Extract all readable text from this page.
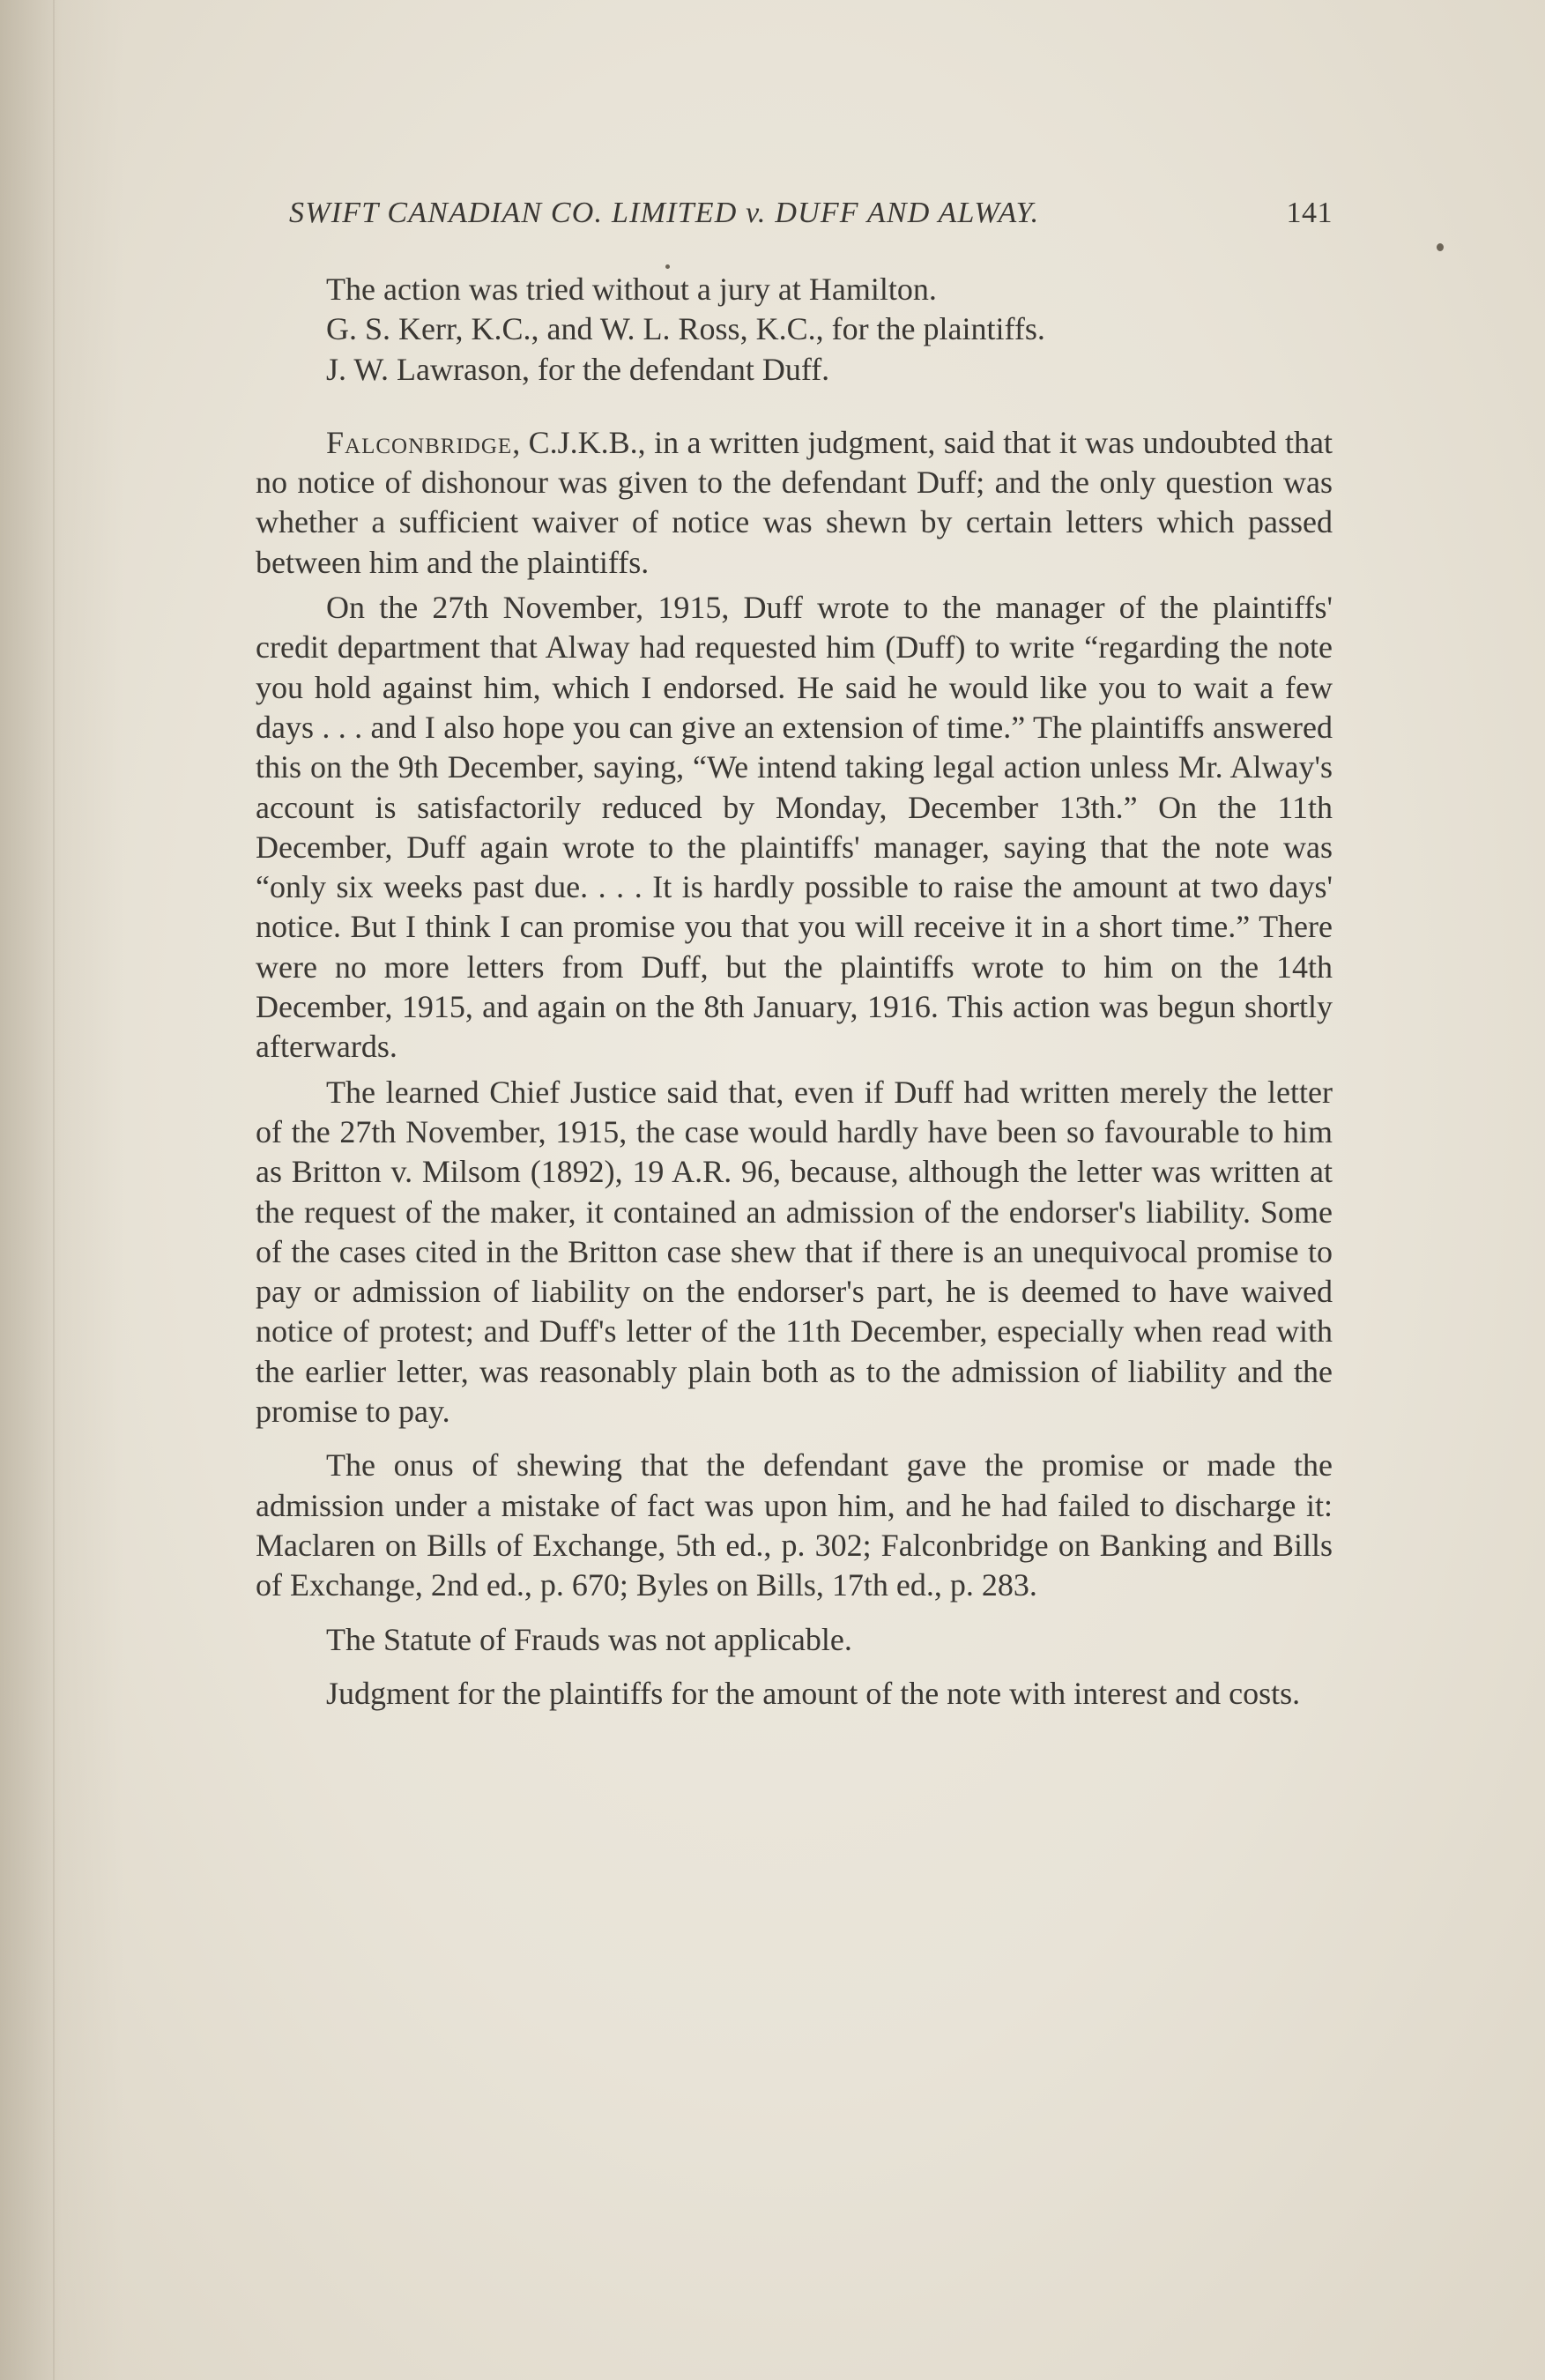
SWIFT CANADIAN CO. LIMITED v. DUFF AND ALWAY.	141

The action was tried without a jury at Hamilton.

G. S. Kerr, K.C., and W. L. Ross, K.C., for the plaintiffs.

J. W. Lawrason, for the defendant Duff.

Falconbridge, C.J.K.B., in a written judgment, said that it was undoubted that no notice of dishonour was given to the defendant Duff; and the only question was whether a sufficient waiver of notice was shewn by certain letters which passed between him and the plaintiffs.

On the 27th November, 1915, Duff wrote to the manager of the plaintiffs' credit department that Alway had requested him (Duff) to write “regarding the note you hold against him, which I endorsed. He said he would like you to wait a few days . . . and I also hope you can give an extension of time.” The plaintiffs answered this on the 9th December, saying, “We intend taking legal action unless Mr. Alway's account is satisfactorily reduced by Monday, December 13th.” On the 11th December, Duff again wrote to the plaintiffs' manager, saying that the note was “only six weeks past due. . . . It is hardly possible to raise the amount at two days' notice. But I think I can promise you that you will receive it in a short time.” There were no more letters from Duff, but the plaintiffs wrote to him on the 14th December, 1915, and again on the 8th January, 1916. This action was begun shortly afterwards.

The learned Chief Justice said that, even if Duff had written merely the letter of the 27th November, 1915, the case would hardly have been so favourable to him as Britton v. Milsom (1892), 19 A.R. 96, because, although the letter was written at the request of the maker, it contained an admission of the endorser's liability. Some of the cases cited in the Britton case shew that if there is an unequivocal promise to pay or admission of liability on the endorser's part, he is deemed to have waived notice of protest; and Duff's letter of the 11th December, especially when read with the earlier letter, was reasonably plain both as to the admission of liability and the promise to pay.

The onus of shewing that the defendant gave the promise or made the admission under a mistake of fact was upon him, and he had failed to discharge it: Maclaren on Bills of Exchange, 5th ed., p. 302; Falconbridge on Banking and Bills of Exchange, 2nd ed., p. 670; Byles on Bills, 17th ed., p. 283.

The Statute of Frauds was not applicable.

Judgment for the plaintiffs for the amount of the note with interest and costs.
